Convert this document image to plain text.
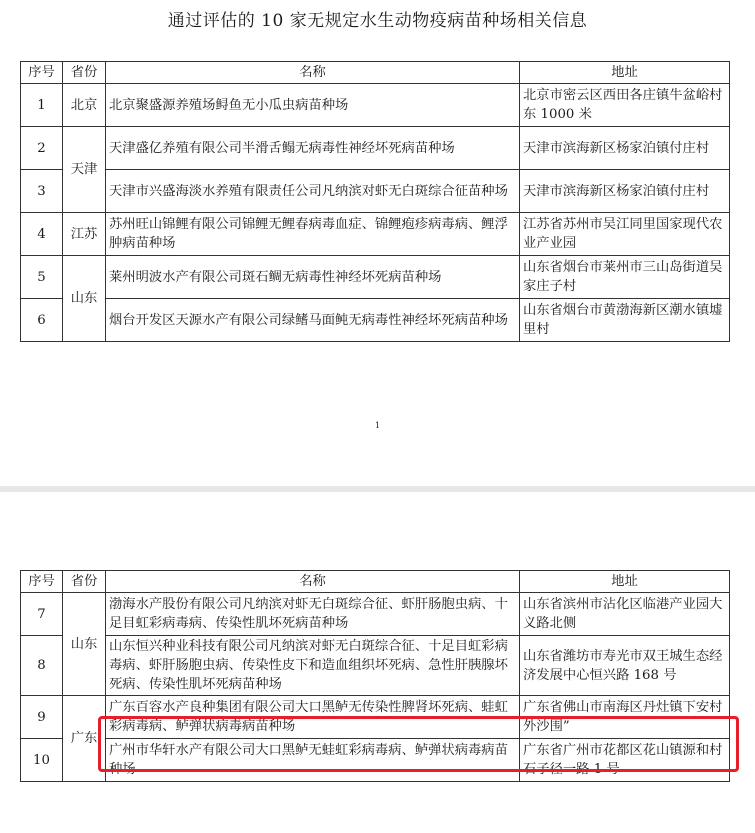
通过评估的 10 家无规定水生动物疫病苗种场相关信息
序号	省份	名称	地址
1	北京	北京聚盛源养殖场鲟鱼无小瓜虫病苗种场	北京市密云区西田各庄镇牛盆峪村东 1000 米
2	天津	天津盛亿养殖有限公司半滑舌鳎无病毒性神经坏死病苗种场	天津市滨海新区杨家泊镇付庄村
3		天津市兴盛海淡水养殖有限责任公司凡纳滨对虾无白斑综合征苗种场	天津市滨海新区杨家泊镇付庄村
4	江苏	苏州旺山锦鲤有限公司锦鲤无鲤春病毒血症、锦鲤疱疹病毒病、鲤浮肿病苗种场	江苏省苏州市吴江同里国家现代农业产业园
5	山东	莱州明波水产有限公司斑石鲷无病毒性神经坏死病苗种场	山东省烟台市莱州市三山岛街道吴家庄子村
6		烟台开发区天源水产有限公司绿鳍马面鲀无病毒性神经坏死病苗种场	山东省烟台市黄渤海新区潮水镇墟里村
1
序号	省份	名称	地址
7	山东	渤海水产股份有限公司凡纳滨对虾无白斑综合征、虾肝肠胞虫病、十足目虹彩病毒病、传染性肌坏死病苗种场	山东省滨州市沾化区临港产业园大义路北侧
8		山东恒兴种业科技有限公司凡纳滨对虾无白斑综合征、十足目虹彩病毒病、虾肝肠胞虫病、传染性皮下和造血组织坏死病、急性肝胰腺坏死病、传染性肌坏死病苗种场	山东省潍坊市寿光市双王城生态经济发展中心恒兴路 168 号
9	广东	广东百容水产良种集团有限公司大口黑鲈无传染性脾肾坏死病、蛙虹彩病毒病、鲈弹状病毒病苗种场	广东省佛山市南海区丹灶镇下安村 外沙围”
10		广州市华轩水产有限公司大口黑鲈无蛙虹彩病毒病、鲈弹状病毒病苗种场	广东省广州市花都区花山镇源和村石子径一路 1 号
